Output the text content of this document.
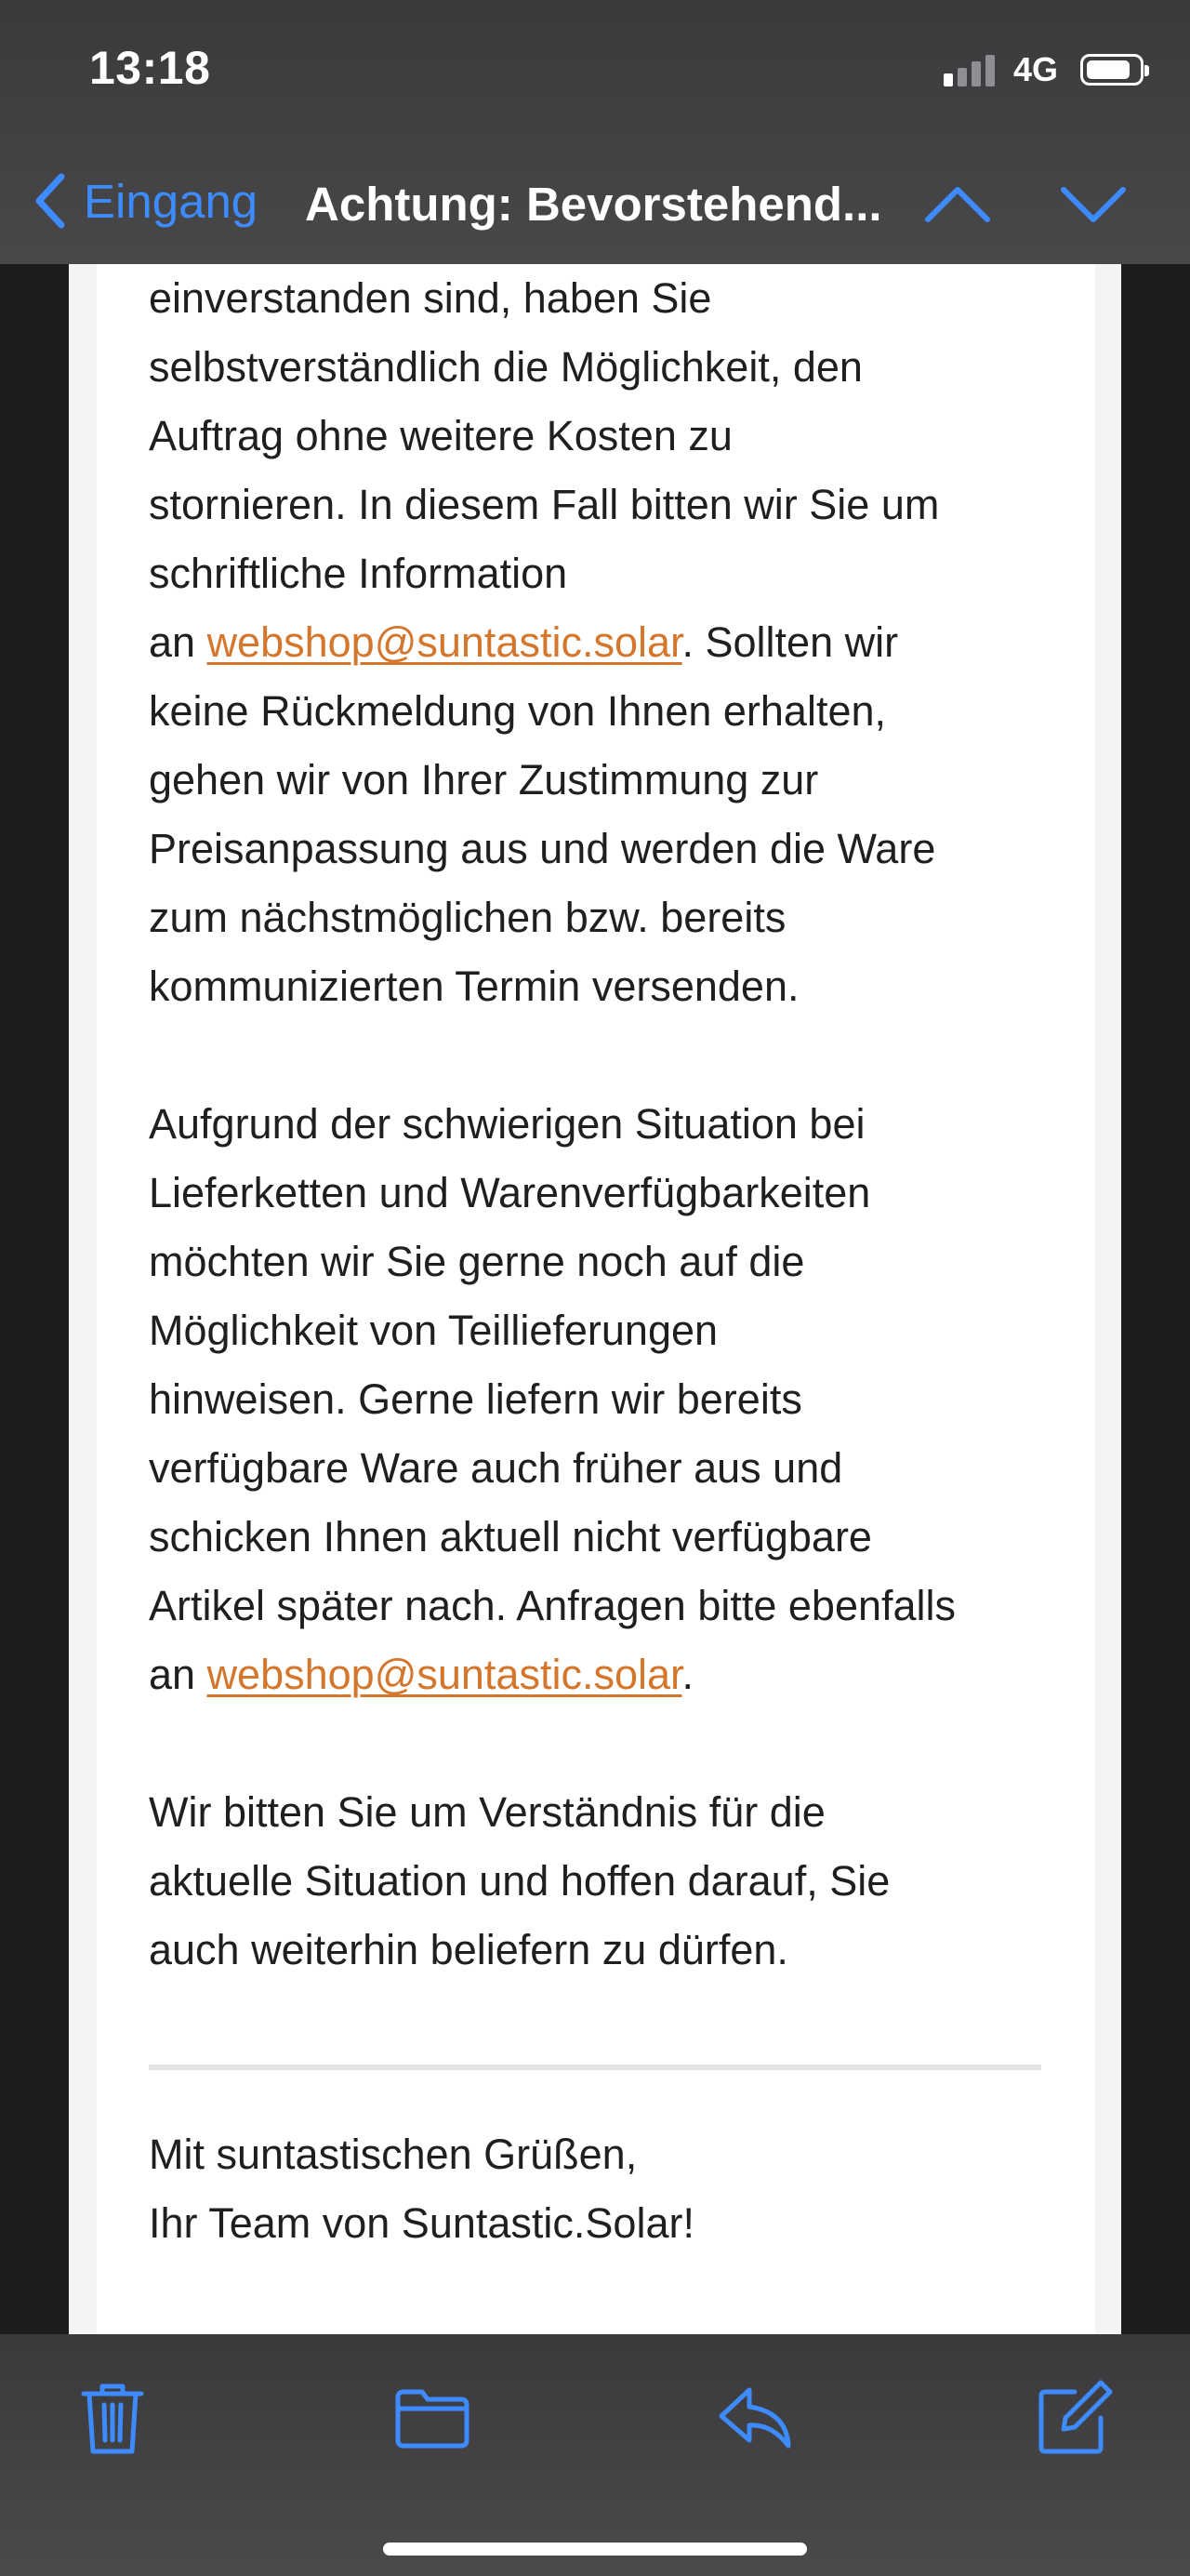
13:18	4G
Eingang Achtung: Bevorstehend...
einverstanden sind, haben Sie
selbstverständlich die Möglichkeit, den
Auftrag ohne weitere Kosten zu
stornieren. In diesem Fall bitten wir Sie um
schriftliche Information
an webshop@suntastic.solar. Sollten wir
keine Rückmeldung von Ihnen erhalten,
gehen wir von Ihrer Zustimmung zur
Preisanpassung aus und werden die Ware
zum nächstmöglichen bzw. bereits
kommunizierten Termin versenden.
Aufgrund der schwierigen Situation bei
Lieferketten und Warenverfügbarkeiten
möchten wir Sie gerne noch auf die
Möglichkeit von Teillieferungen
hinweisen. Gerne liefern wir bereits
verfügbare Ware auch früher aus und
schicken Ihnen aktuell nicht verfügbare
Artikel später nach. Anfragen bitte ebenfalls
an webshop@suntastic.solar.
Wir bitten Sie um Verständnis für die
aktuelle Situation und hoffen darauf, Sie
auch weiterhin beliefern zu dürfen.
Mit suntastischen Grüßen,
Ihr Team von Suntastic.Solar!
